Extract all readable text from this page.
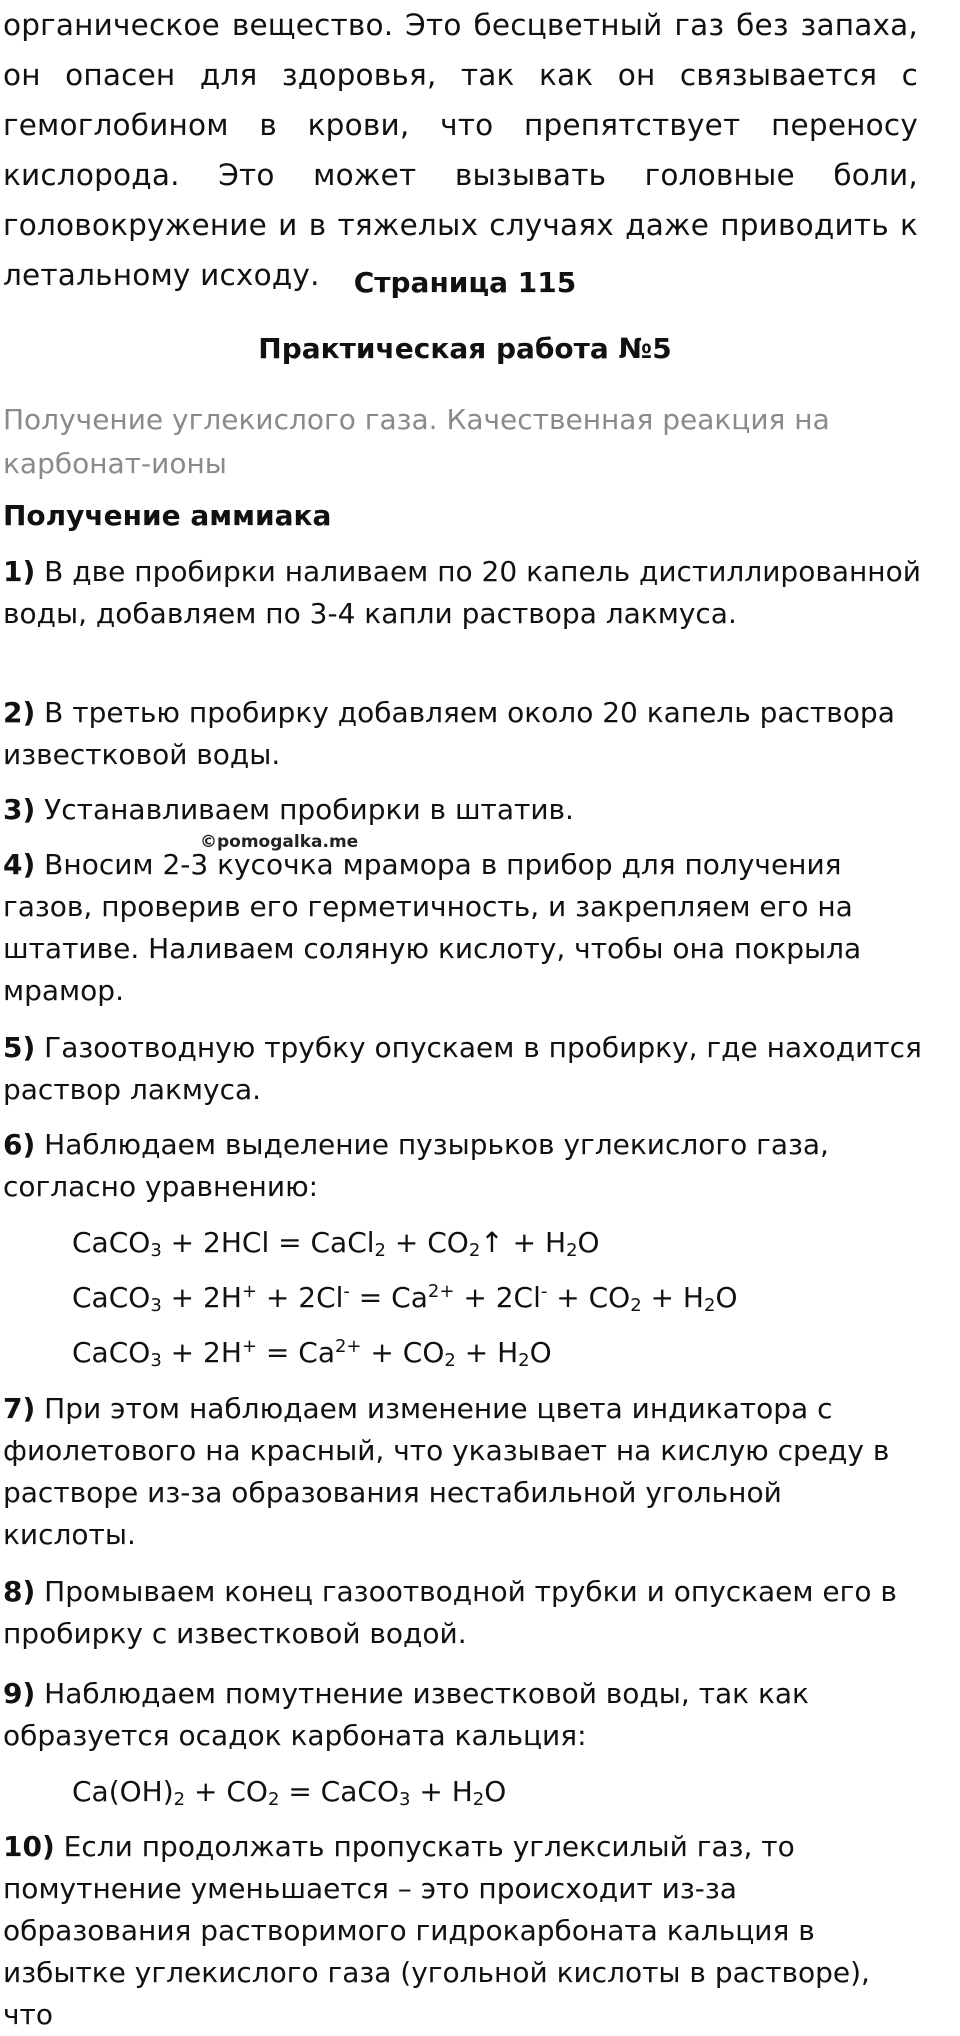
органическое вещество. Это бесцветный газ без запаха, он опасен для здоровья, так как он связывается с гемоглобином в крови, что препятствует переносу кислорода. Это может вызывать головные боли, головокружение и в тяжелых случаях даже приводить к летальному исходу.	Страница 115
Практическая работа №5
Получение углекислого газа. Качественная реакция на карбонат-ионы
Получение аммиака
1) В две пробирки наливаем по 20 капель дистиллированной воды, добавляем по 3-4 капли раствора лакмуса.
2) В третью пробирку добавляем около 20 капель раствора известковой воды.
3) Устанавливаем пробирки в штатив.
©pomogalka.me
4) Вносим 2-3 кусочка мрамора в прибор для получения газов, проверив его герметичность, и закрепляем его на штативе. Наливаем соляную кислоту, чтобы она покрыла мрамор.
5) Газоотводную трубку опускаем в пробирку, где находится раствор лакмуса.
6) Наблюдаем выделение пузырьков углекислого газа, согласно уравнению:
CaCO$_3$ + 2HCl = CaCl$_2$ + $CO_2↑ + H_2O$
CaCO$_3$ + $2H^+ + 2Cl^- = Ca^{2+} + 2Cl^- + CO_2 + H_2O$
CaCO$_3$ + $2H^+ = Ca^{2+} + CO_2 + H_2O$
7) При этом наблюдаем изменение цвета индикатора с фиолетового на красный, что указывает на кислую среду в растворе из-за образования нестабильной угольной кислоты.
8) Промываем конец газоотводной трубки и опускаем его в пробирку с известковой водой.
9) Наблюдаем помутнение известковой воды, так как образуется осадок карбоната кальция:
$Ca(OH)_2 + CO_2$ = CaCO$_3$ + $H_2O$
10) Если продолжать пропускать углексилый газ, то помутнение уменьшается – это происходит из-за образования растворимого гидрокарбоната кальция в избытке углекислого газа (угольной кислоты в растворе), что
